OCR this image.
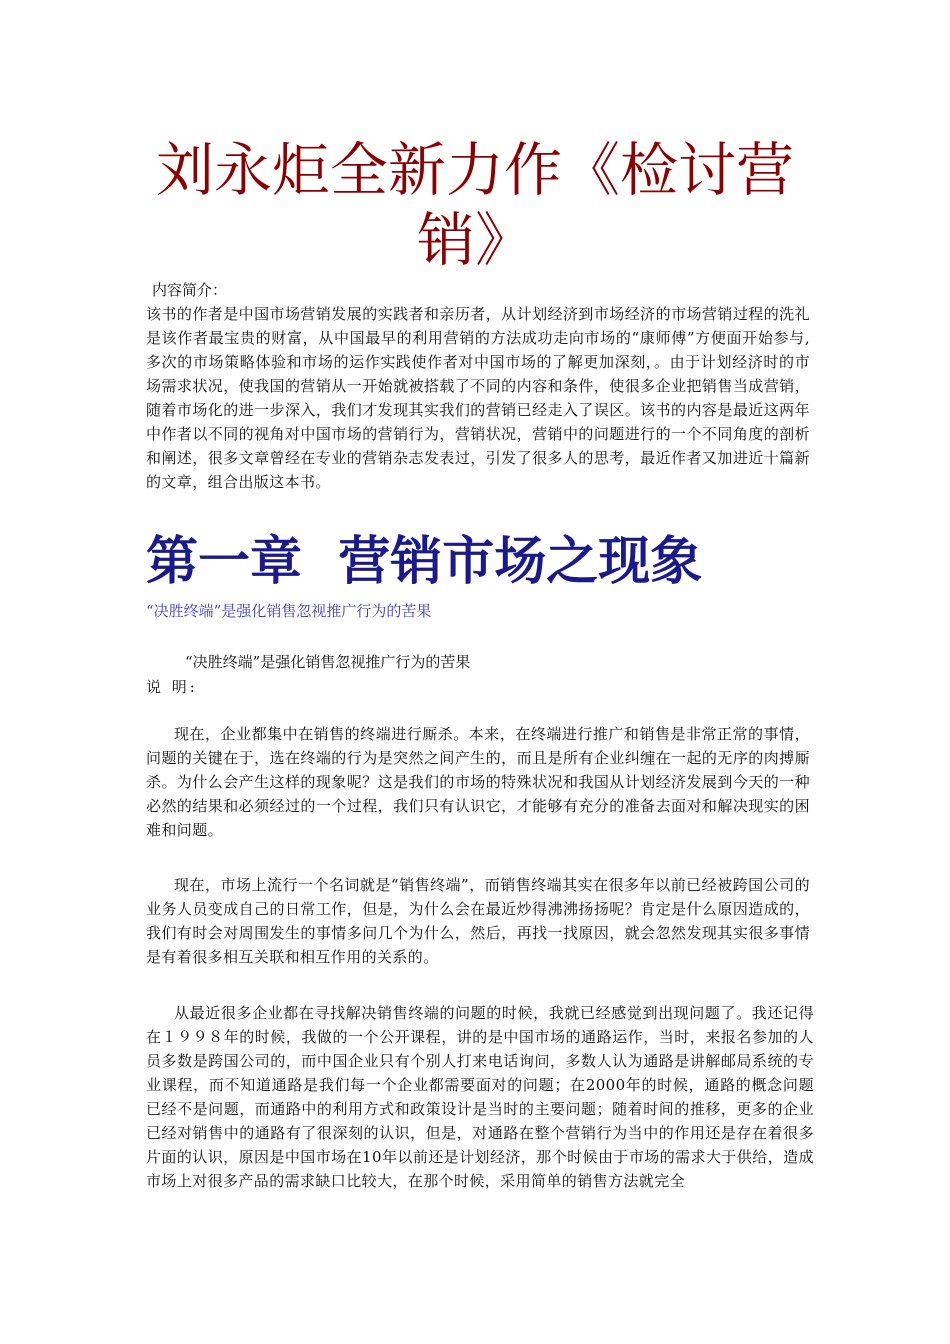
刘永炬全新力作《检讨营销》

内容简介：

该书的作者是中国市场营销发展的实践者和亲历者，从计划经济到市场经济的市场营销过程的洗礼是该作者最宝贵的财富，从中国最早的利用营销的方法成功走向市场的“康师傅”方便面开始参与,多次的市场策略体验和市场的运作实践使作者对中国市场的了解更加深刻，。由于计划经济时的市场需求状况，使我国的营销从一开始就被搭载了不同的内容和条件，使很多企业把销售当成营销，随着市场化的进一步深入，我们才发现其实我们的营销已经走入了误区。该书的内容是最近这两年中作者以不同的视角对中国市场的营销行为，营销状况，营销中的问题进行的一个不同角度的剖析和阐述，很多文章曾经在专业的营销杂志发表过，引发了很多人的思考，最近作者又加进近十篇新的文章，组合出版这本书。

第一章  营销市场之现象
“决胜终端”是强化销售忽视推广行为的苦果

“决胜终端”是强化销售忽视推广行为的苦果

说 明:

现在，企业都集中在销售的终端进行厮杀。本来，在终端进行推广和销售是非常正常的事情，问题的关键在于，选在终端的行为是突然之间产生的，而且是所有企业纠缠在一起的无序的肉搏厮杀。为什么会产生这样的现象呢？这是我们的市场的特殊状况和我国从计划经济发展到今天的一种必然的结果和必须经过的一个过程，我们只有认识它，才能够有充分的准备去面对和解决现实的困难和问题。

现在，市场上流行一个名词就是“销售终端”，而销售终端其实在很多年以前已经被跨国公司的业务人员变成自己的日常工作，但是，为什么会在最近炒得沸沸扬扬呢？肯定是什么原因造成的，我们有时会对周围发生的事情多问几个为什么，然后，再找一找原因，就会忽然发现其实很多事情是有着很多相互关联和相互作用的关系的。

从最近很多企业都在寻找解决销售终端的问题的时候，我就已经感觉到出现问题了。我还记得在１９９８年的时候，我做的一个公开课程，讲的是中国市场的通路运作，当时，来报名参加的人员多数是跨国公司的，而中国企业只有个别人打来电话询问，多数人认为通路是讲解邮局系统的专业课程，而不知道通路是我们每一个企业都需要面对的问题；在2000年的时候，通路的概念问题已经不是问题，而通路中的利用方式和政策设计是当时的主要问题；随着时间的推移，更多的企业已经对销售中的通路有了很深刻的认识，但是，对通路在整个营销行为当中的作用还是存在着很多片面的认识，原因是中国市场在10年以前还是计划经济，那个时候由于市场的需求大于供给，造成市场上对很多产品的需求缺口比较大，在那个时候，采用简单的销售方法就完全
